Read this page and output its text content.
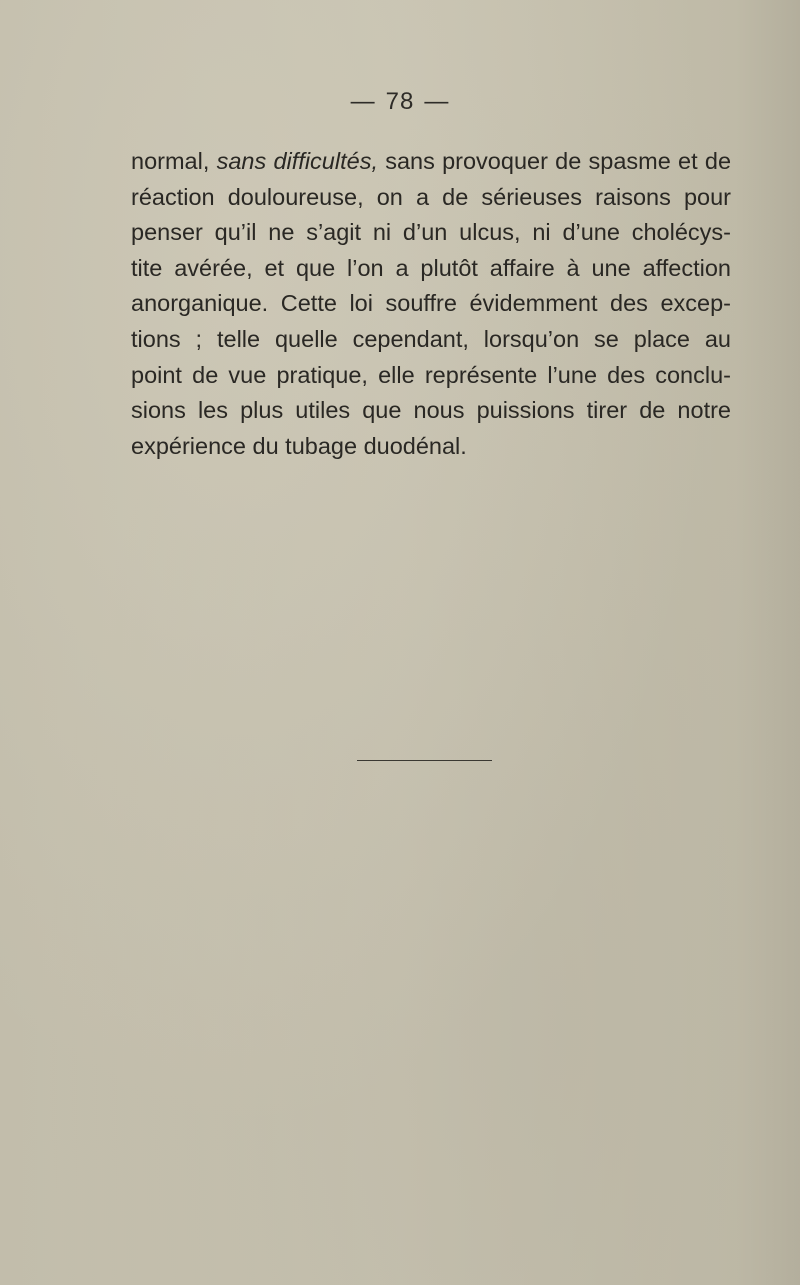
— 78 —
normal, sans difficultés, sans provoquer de spasme et de
réaction douloureuse, on a de sérieuses raisons pour
penser qu’il ne s’agit ni d’un ulcus, ni d’une cholécys-
tite avérée, et que l’on a plutôt affaire à une affection
anorganique. Cette loi souffre évidemment des excep-
tions ; telle quelle cependant, lorsqu’on se place au
point de vue pratique, elle représente l’une des conclu-
sions les plus utiles que nous puissions tirer de notre
expérience du tubage duodénal.
